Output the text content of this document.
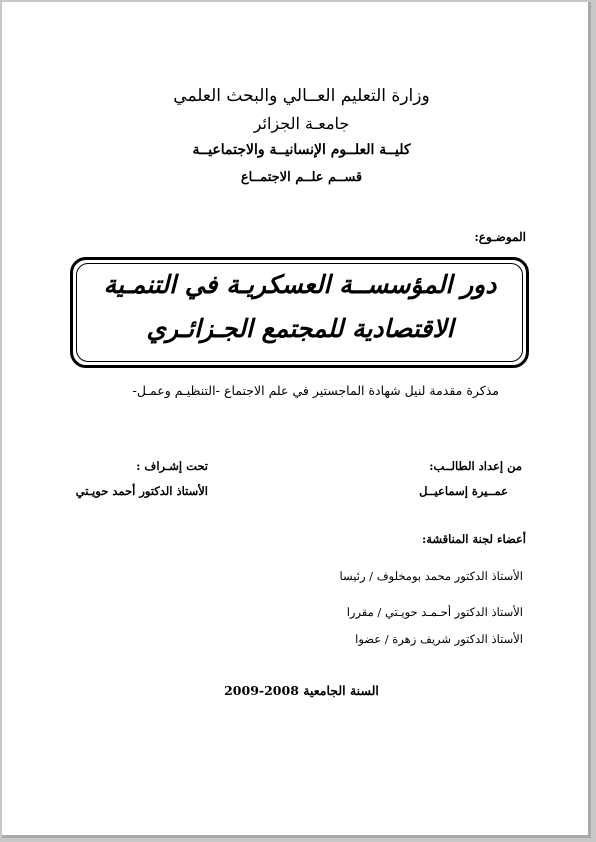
وزارة التعليم العــالي والبحث العلمي
جامعـة الجزائر
كليــة العلــوم الإنسانيــة والاجتماعيــة
قســم علــم الاجتمــاع
الموضـوع:
دور المؤسســة العسكريـة في التنمـية
الاقتصادية للمجتمع الجـزائـري
مذكرة مقدمة لنيل شهادة الماجستير في علم الاجتماع -التنظيـم وعمـل-
من إعداد الطالــب:
عمــيرة إسماعيــل
تحت إشـراف :
الأستاذ الدكتور أحمد حويـتي
أعضاء لجنة المناقشة:
الأستاذ الدكتور محمد بومخلوف / رئيسا
الأستاذ الدكتور أحـمـد حويـتي / مقررا
الأستاذ الدكتور شريف زهرة / عضوا
السنة الجامعية 2008-2009
